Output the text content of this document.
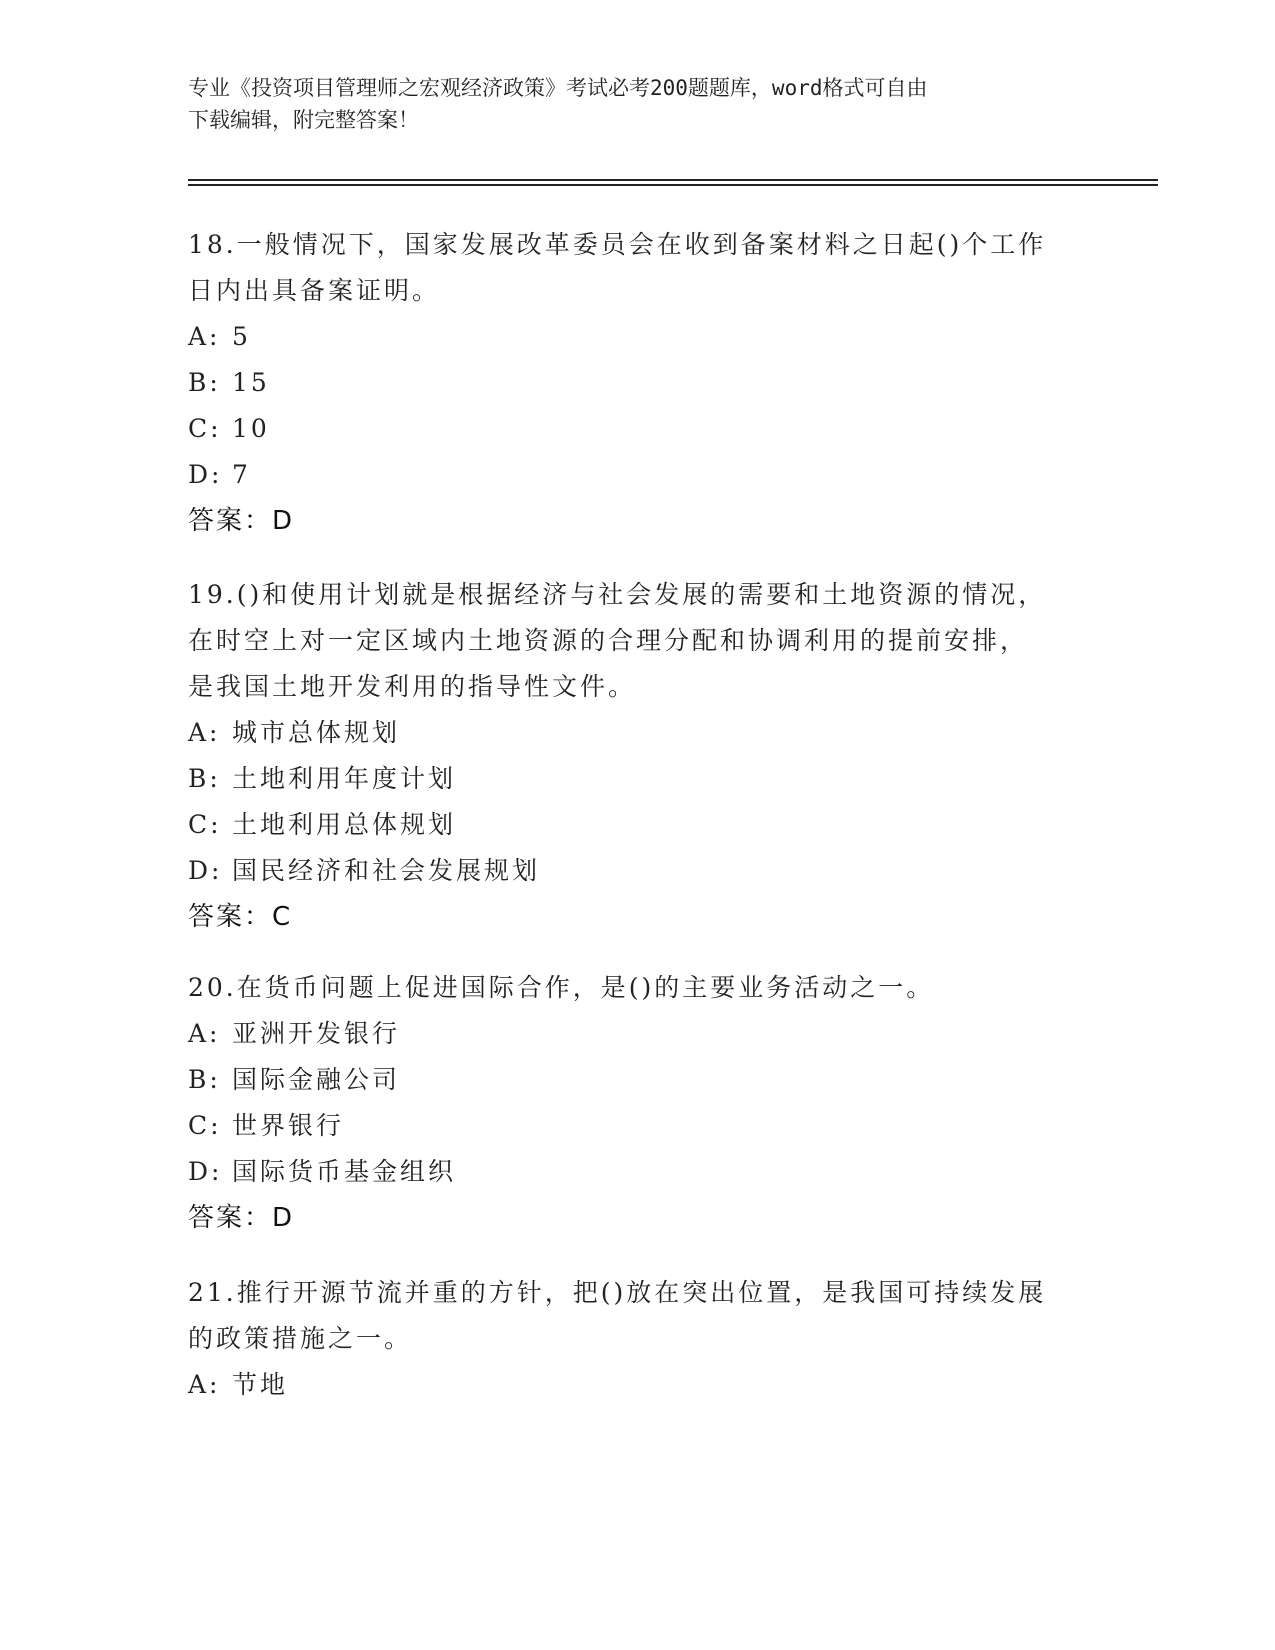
专业《投资项目管理师之宏观经济政策》考试必考200题题库，word格式可自由
下载编辑，附完整答案！
18.一般情况下，国家发展改革委员会在收到备案材料之日起()个工作
日内出具备案证明。
A: 5
B: 15
C: 10
D: 7
答案：D
19.()和使用计划就是根据经济与社会发展的需要和土地资源的情况，
在时空上对一定区域内土地资源的合理分配和协调利用的提前安排，
是我国土地开发利用的指导性文件。
A: 城市总体规划
B: 土地利用年度计划
C: 土地利用总体规划
D: 国民经济和社会发展规划
答案：C
20.在货币问题上促进国际合作，是()的主要业务活动之一。
A: 亚洲开发银行
B: 国际金融公司
C: 世界银行
D: 国际货币基金组织
答案：D
21.推行开源节流并重的方针，把()放在突出位置，是我国可持续发展
的政策措施之一。
A: 节地
